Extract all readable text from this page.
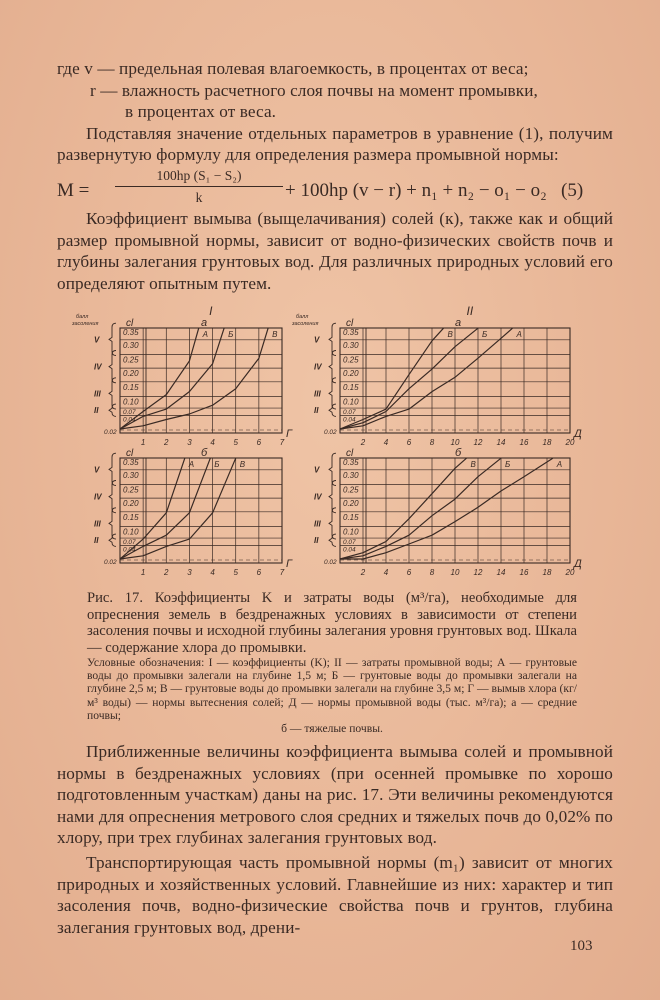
где v — предельная полевая влагоемкость, в процентах от веса;
r — влажность расчетного слоя почвы на момент промывки,
в процентах от веса.

Подставляя значение отдельных параметров в уравнение (1), получим развернутую формулу для определения размера промывной нормы:

$M = \frac{\text{100hp (S₁ − S₂)}}{k} + 100hp$ (v − r) + n₁ + n₂ − o₁ − o₂ (5)

Коэффициент вымыва (выщелачивания) солей (к), также как и общий размер промывной нормы, зависит от водно-физических свойств почв и глубины залегания грунтовых вод. Для различных природных условий его определяют опытным путем.

1 2 3 4 5 6 7
Г
0.35
0.30
0.25
0.20
0.15
0.10
0.07
0.04
0.02
cl
V
IV
III
II
балл
засоления
I
а
A	Б	В
2 4 6 8 10 12 14 16 18 20
Д
0.35
0.30
0.25
0.20
0.15
0.10
0.07
0.04
0.02
cl
V
IV
III
II
балл
засоления
II
а
В	Б	А
1 2 3 4 5 6 7
Г
0.35
0.30
0.25
0.20
0.15
0.10
0.07
0.04
0.02
cl
V
IV
III
II
б
A	Б	В
2 4 6 8 10 12 14 16 18 20
Д
0.35
0.30
0.25
0.20
0.15
0.10
0.07
0.04
0.02
cl
V
IV
III
II
б
В	Б	А
Рис. 17. Коэффициенты K и затраты воды (м³/га), необходимые для опреснения земель в бездренажных условиях в зависимости от степени засоления почвы и исходной глубины залегания уровня грунтовых вод. Шкала — содержание хлора до промывки.
Условные обозначения: I — коэффициенты (K); II — затраты промывной воды; А — грунтовые воды до промывки залегали на глубине 1,5 м; Б — грунтовые воды до промывки залегали на глубине 2,5 м; В — грунтовые воды до промывки залегали на глубине 3,5 м; Г — вымыв хлора (кг/м³ воды) — нормы вытеснения солей; Д — нормы промывной воды (тыс. м³/га); а — средние почвы;
б — тяжелые почвы.

Приближенные величины коэффициента вымыва солей и промывной нормы в бездренажных условиях (при осенней промывке по хорошо подготовленным участкам) даны на рис. 17. Эти величины рекомендуются нами для опреснения метрового слоя средних и тяжелых почв до 0,02% по хлору, при трех глубинах залегания грунтовых вод.

Транспортирующая часть промывной нормы (m₁) зависит от многих природных и хозяйственных условий. Главнейшие из них: характер и тип засоления почв, водно-физические свойства почв и грунтов, глубина залегания грунтовых вод, дрени-

103
